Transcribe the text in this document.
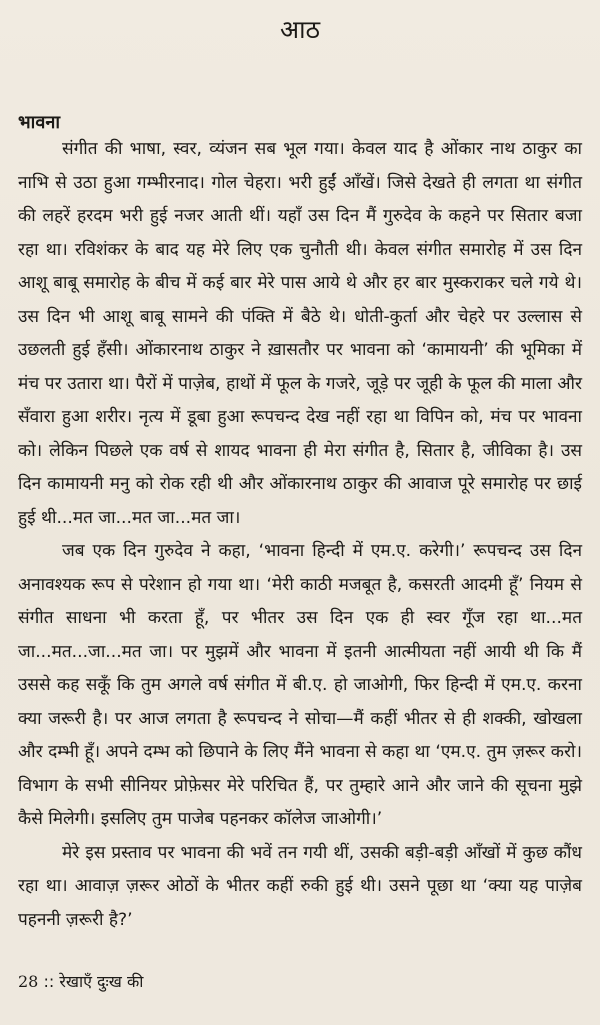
आठ
भावना

संगीत की भाषा, स्वर, व्यंजन सब भूल गया। केवल याद है ओंकार नाथ ठाकुर का नाभि से उठा हुआ गम्भीरनाद। गोल चेहरा। भरी हुईं आँखें। जिसे देखते ही लगता था संगीत की लहरें हरदम भरी हुई नजर आती थीं। यहाँ उस दिन मैं गुरुदेव के कहने पर सितार बजा रहा था। रविशंकर के बाद यह मेरे लिए एक चुनौती थी। केवल संगीत समारोह में उस दिन आशू बाबू समारोह के बीच में कई बार मेरे पास आये थे और हर बार मुस्कराकर चले गये थे। उस दिन भी आशू बाबू सामने की पंक्ति में बैठे थे। धोती-कुर्ता और चेहरे पर उल्लास से उछलती हुई हँसी। ओंकारनाथ ठाकुर ने ख़ासतौर पर भावना को ‘कामायनी’ की भूमिका में मंच पर उतारा था। पैरों में पाज़ेब, हाथों में फूल के गजरे, जूड़े पर जूही के फूल की माला और सँवारा हुआ शरीर। नृत्य में डूबा हुआ रूपचन्द देख नहीं रहा था विपिन को, मंच पर भावना को। लेकिन पिछले एक वर्ष से शायद भावना ही मेरा संगीत है, सितार है, जीविका है। उस दिन कामायनी मनु को रोक रही थी और ओंकारनाथ ठाकुर की आवाज पूरे समारोह पर छाई हुई थी...मत जा...मत जा...मत जा।

जब एक दिन गुरुदेव ने कहा, ‘भावना हिन्दी में एम.ए. करेगी।’ रूपचन्द उस दिन अनावश्यक रूप से परेशान हो गया था। ‘मेरी काठी मजबूत है, कसरती आदमी हूँ’ नियम से संगीत साधना भी करता हूँ, पर भीतर उस दिन एक ही स्वर गूँज रहा था...मत जा...मत...जा...मत जा। पर मुझमें और भावना में इतनी आत्मीयता नहीं आयी थी कि मैं उससे कह सकूँ कि तुम अगले वर्ष संगीत में बी.ए. हो जाओगी, फिर हिन्दी में एम.ए. करना क्या जरूरी है। पर आज लगता है रूपचन्द ने सोचा—मैं कहीं भीतर से ही शक्की, खोखला और दम्भी हूँ। अपने दम्भ को छिपाने के लिए मैंने भावना से कहा था ‘एम.ए. तुम ज़रूर करो। विभाग के सभी सीनियर प्रोफ़ेसर मेरे परिचित हैं, पर तुम्हारे आने और जाने की सूचना मुझे कैसे मिलेगी। इसलिए तुम पाजेब पहनकर कॉलेज जाओगी।’

मेरे इस प्रस्ताव पर भावना की भवें तन गयी थीं, उसकी बड़ी-बड़ी आँखों में कुछ कौंध रहा था। आवाज़ ज़रूर ओठों के भीतर कहीं रुकी हुई थी। उसने पूछा था ‘क्या यह पाज़ेब पहननी ज़रूरी है?’

28 :: रेखाएँ दुःख की
